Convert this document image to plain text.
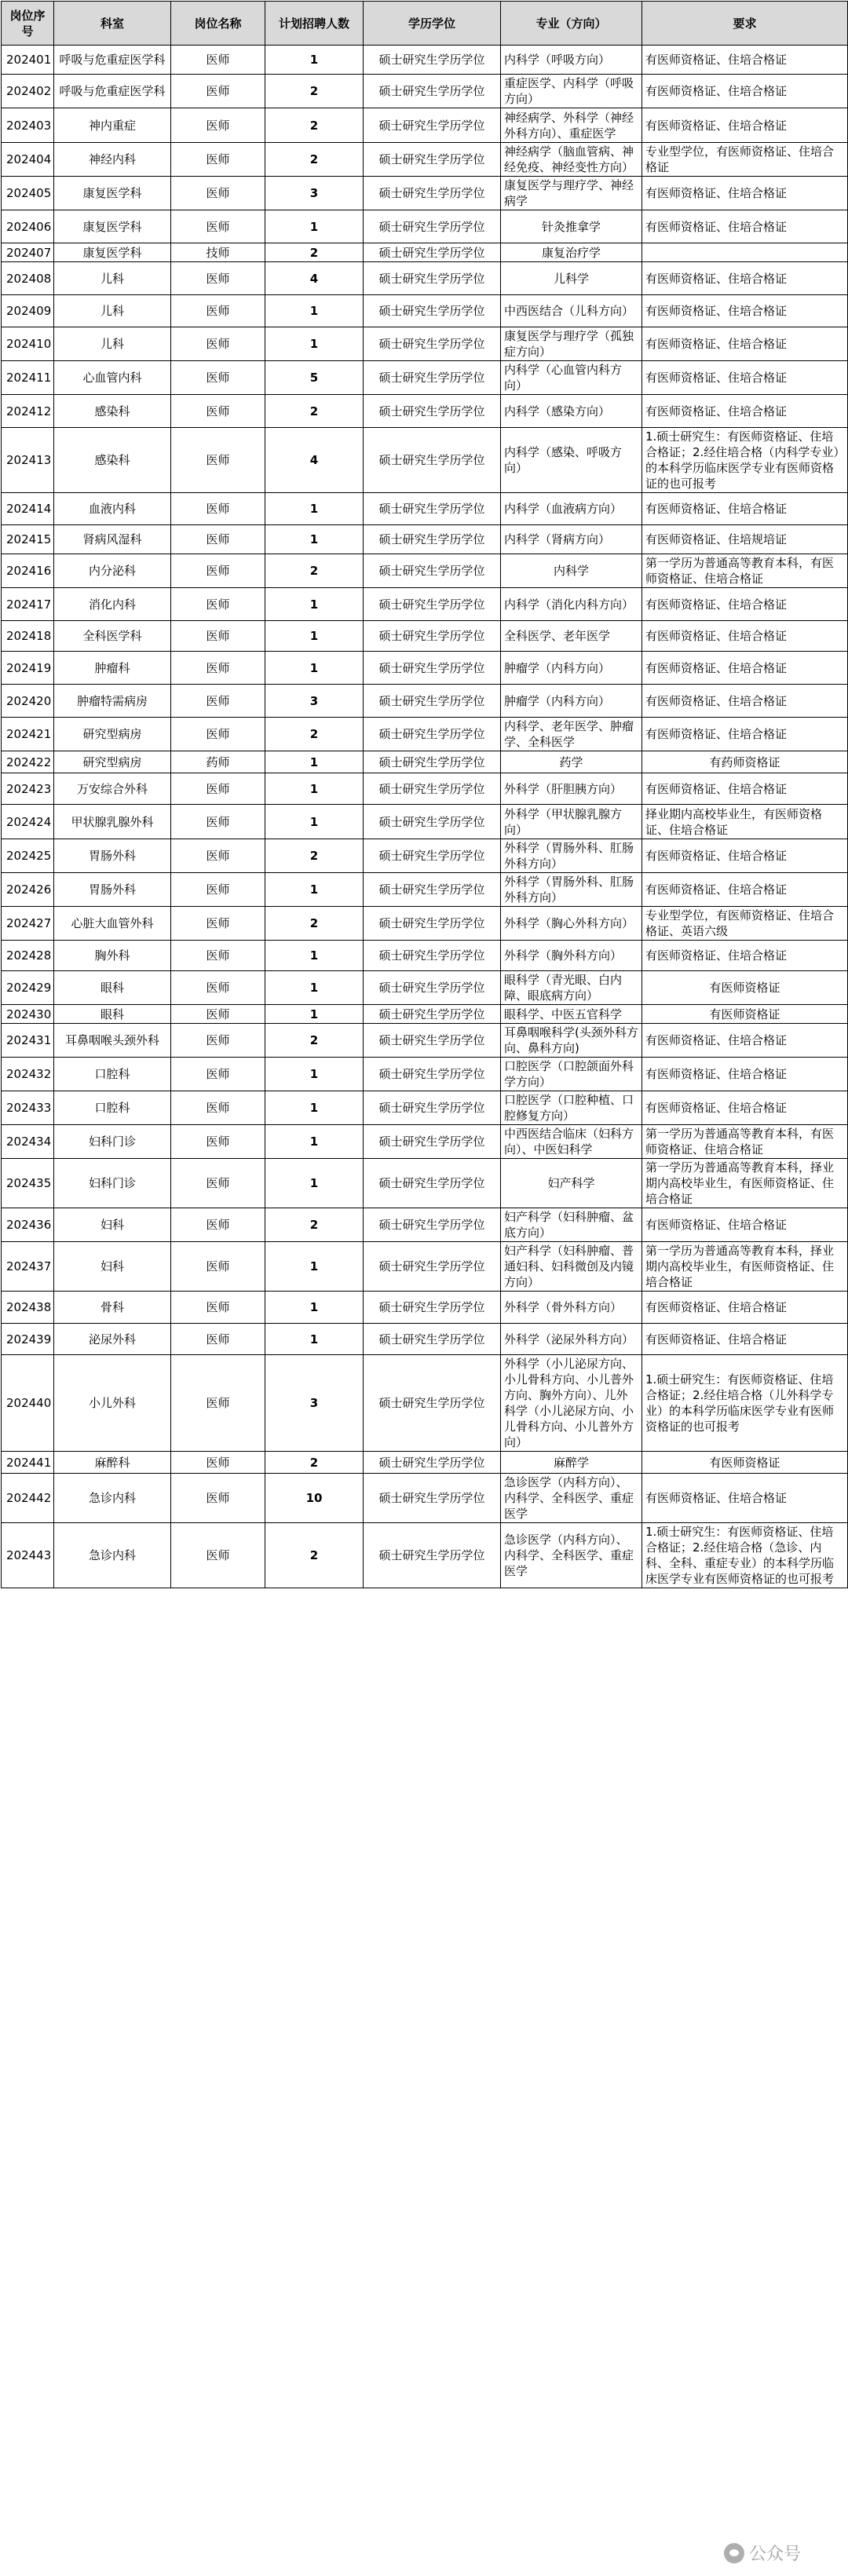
岗位序号	科室	岗位名称	计划招聘人数	学历学位	专业（方向）	要求
202401	呼吸与危重症医学科	医师	1	硕士研究生学历学位	内科学（呼吸方向）	有医师资格证、住培合格证
202402	呼吸与危重症医学科	医师	2	硕士研究生学历学位	重症医学、内科学（呼吸方向）	有医师资格证、住培合格证
202403	神内重症	医师	2	硕士研究生学历学位	神经病学、外科学（神经外科方向）、重症医学	有医师资格证、住培合格证
202404	神经内科	医师	2	硕士研究生学历学位	神经病学（脑血管病、神经免疫、神经变性方向）	专业型学位，有医师资格证、住培合格证
202405	康复医学科	医师	3	硕士研究生学历学位	康复医学与理疗学、神经病学	有医师资格证、住培合格证
202406	康复医学科	医师	1	硕士研究生学历学位	针灸推拿学	有医师资格证、住培合格证
202407	康复医学科	技师	2	硕士研究生学历学位	康复治疗学	
202408	儿科	医师	4	硕士研究生学历学位	儿科学	有医师资格证、住培合格证
202409	儿科	医师	1	硕士研究生学历学位	中西医结合（儿科方向）	有医师资格证、住培合格证
202410	儿科	医师	1	硕士研究生学历学位	康复医学与理疗学（孤独症方向）	有医师资格证、住培合格证
202411	心血管内科	医师	5	硕士研究生学历学位	内科学（心血管内科方向）	有医师资格证、住培合格证
202412	感染科	医师	2	硕士研究生学历学位	内科学（感染方向）	有医师资格证、住培合格证
202413	感染科	医师	4	硕士研究生学历学位	内科学（感染、呼吸方向）	1.硕士研究生：有医师资格证、住培合格证；2.经住培合格（内科学专业）的本科学历临床医学专业有医师资格证的也可报考
202414	血液内科	医师	1	硕士研究生学历学位	内科学（血液病方向）	有医师资格证、住培合格证
202415	肾病风湿科	医师	1	硕士研究生学历学位	内科学（肾病方向）	有医师资格证、住培规培证
202416	内分泌科	医师	2	硕士研究生学历学位	内科学	第一学历为普通高等教育本科，有医师资格证、住培合格证
202417	消化内科	医师	1	硕士研究生学历学位	内科学（消化内科方向）	有医师资格证、住培合格证
202418	全科医学科	医师	1	硕士研究生学历学位	全科医学、老年医学	有医师资格证、住培合格证
202419	肿瘤科	医师	1	硕士研究生学历学位	肿瘤学（内科方向）	有医师资格证、住培合格证
202420	肿瘤特需病房	医师	3	硕士研究生学历学位	肿瘤学（内科方向）	有医师资格证、住培合格证
202421	研究型病房	医师	2	硕士研究生学历学位	内科学、老年医学、肿瘤学、全科医学	有医师资格证、住培合格证
202422	研究型病房	药师	1	硕士研究生学历学位	药学	有药师资格证
202423	万安综合外科	医师	1	硕士研究生学历学位	外科学（肝胆胰方向）	有医师资格证、住培合格证
202424	甲状腺乳腺外科	医师	1	硕士研究生学历学位	外科学（甲状腺乳腺方向）	择业期内高校毕业生，有医师资格证、住培合格证
202425	胃肠外科	医师	2	硕士研究生学历学位	外科学（胃肠外科、肛肠外科方向）	有医师资格证、住培合格证
202426	胃肠外科	医师	1	硕士研究生学历学位	外科学（胃肠外科、肛肠外科方向）	有医师资格证、住培合格证
202427	心脏大血管外科	医师	2	硕士研究生学历学位	外科学（胸心外科方向）	专业型学位，有医师资格证、住培合格证、英语六级
202428	胸外科	医师	1	硕士研究生学历学位	外科学（胸外科方向）	有医师资格证、住培合格证
202429	眼科	医师	1	硕士研究生学历学位	眼科学（青光眼、白内障、眼底病方向）	有医师资格证
202430	眼科	医师	1	硕士研究生学历学位	眼科学、中医五官科学	有医师资格证
202431	耳鼻咽喉头颈外科	医师	2	硕士研究生学历学位	耳鼻咽喉科学(头颈外科方向、鼻科方向)	有医师资格证、住培合格证
202432	口腔科	医师	1	硕士研究生学历学位	口腔医学（口腔颌面外科学方向）	有医师资格证、住培合格证
202433	口腔科	医师	1	硕士研究生学历学位	口腔医学（口腔种植、口腔修复方向）	有医师资格证、住培合格证
202434	妇科门诊	医师	1	硕士研究生学历学位	中西医结合临床（妇科方向）、中医妇科学	第一学历为普通高等教育本科，有医师资格证、住培合格证
202435	妇科门诊	医师	1	硕士研究生学历学位	妇产科学	第一学历为普通高等教育本科，择业期内高校毕业生，有医师资格证、住培合格证
202436	妇科	医师	2	硕士研究生学历学位	妇产科学（妇科肿瘤、盆底方向）	有医师资格证、住培合格证
202437	妇科	医师	1	硕士研究生学历学位	妇产科学（妇科肿瘤、普通妇科、妇科微创及内镜方向）	第一学历为普通高等教育本科，择业期内高校毕业生，有医师资格证、住培合格证
202438	骨科	医师	1	硕士研究生学历学位	外科学（骨外科方向）	有医师资格证、住培合格证
202439	泌尿外科	医师	1	硕士研究生学历学位	外科学（泌尿外科方向）	有医师资格证、住培合格证
202440	小儿外科	医师	3	硕士研究生学历学位	外科学（小儿泌尿方向、小儿骨科方向、小儿普外方向、胸外方向）、儿外科学（小儿泌尿方向、小儿骨科方向、小儿普外方向）	1.硕士研究生：有医师资格证、住培合格证；2.经住培合格（儿外科学专业）的本科学历临床医学专业有医师资格证的也可报考
202441	麻醉科	医师	2	硕士研究生学历学位	麻醉学	有医师资格证
202442	急诊内科	医师	10	硕士研究生学历学位	急诊医学（内科方向）、内科学、全科医学、重症医学	有医师资格证、住培合格证
202443	急诊内科	医师	2	硕士研究生学历学位	急诊医学（内科方向）、内科学、全科医学、重症医学	1.硕士研究生：有医师资格证、住培合格证；2.经住培合格（急诊、内科、全科、重症专业）的本科学历临床医学专业有医师资格证的也可报考
公众号
